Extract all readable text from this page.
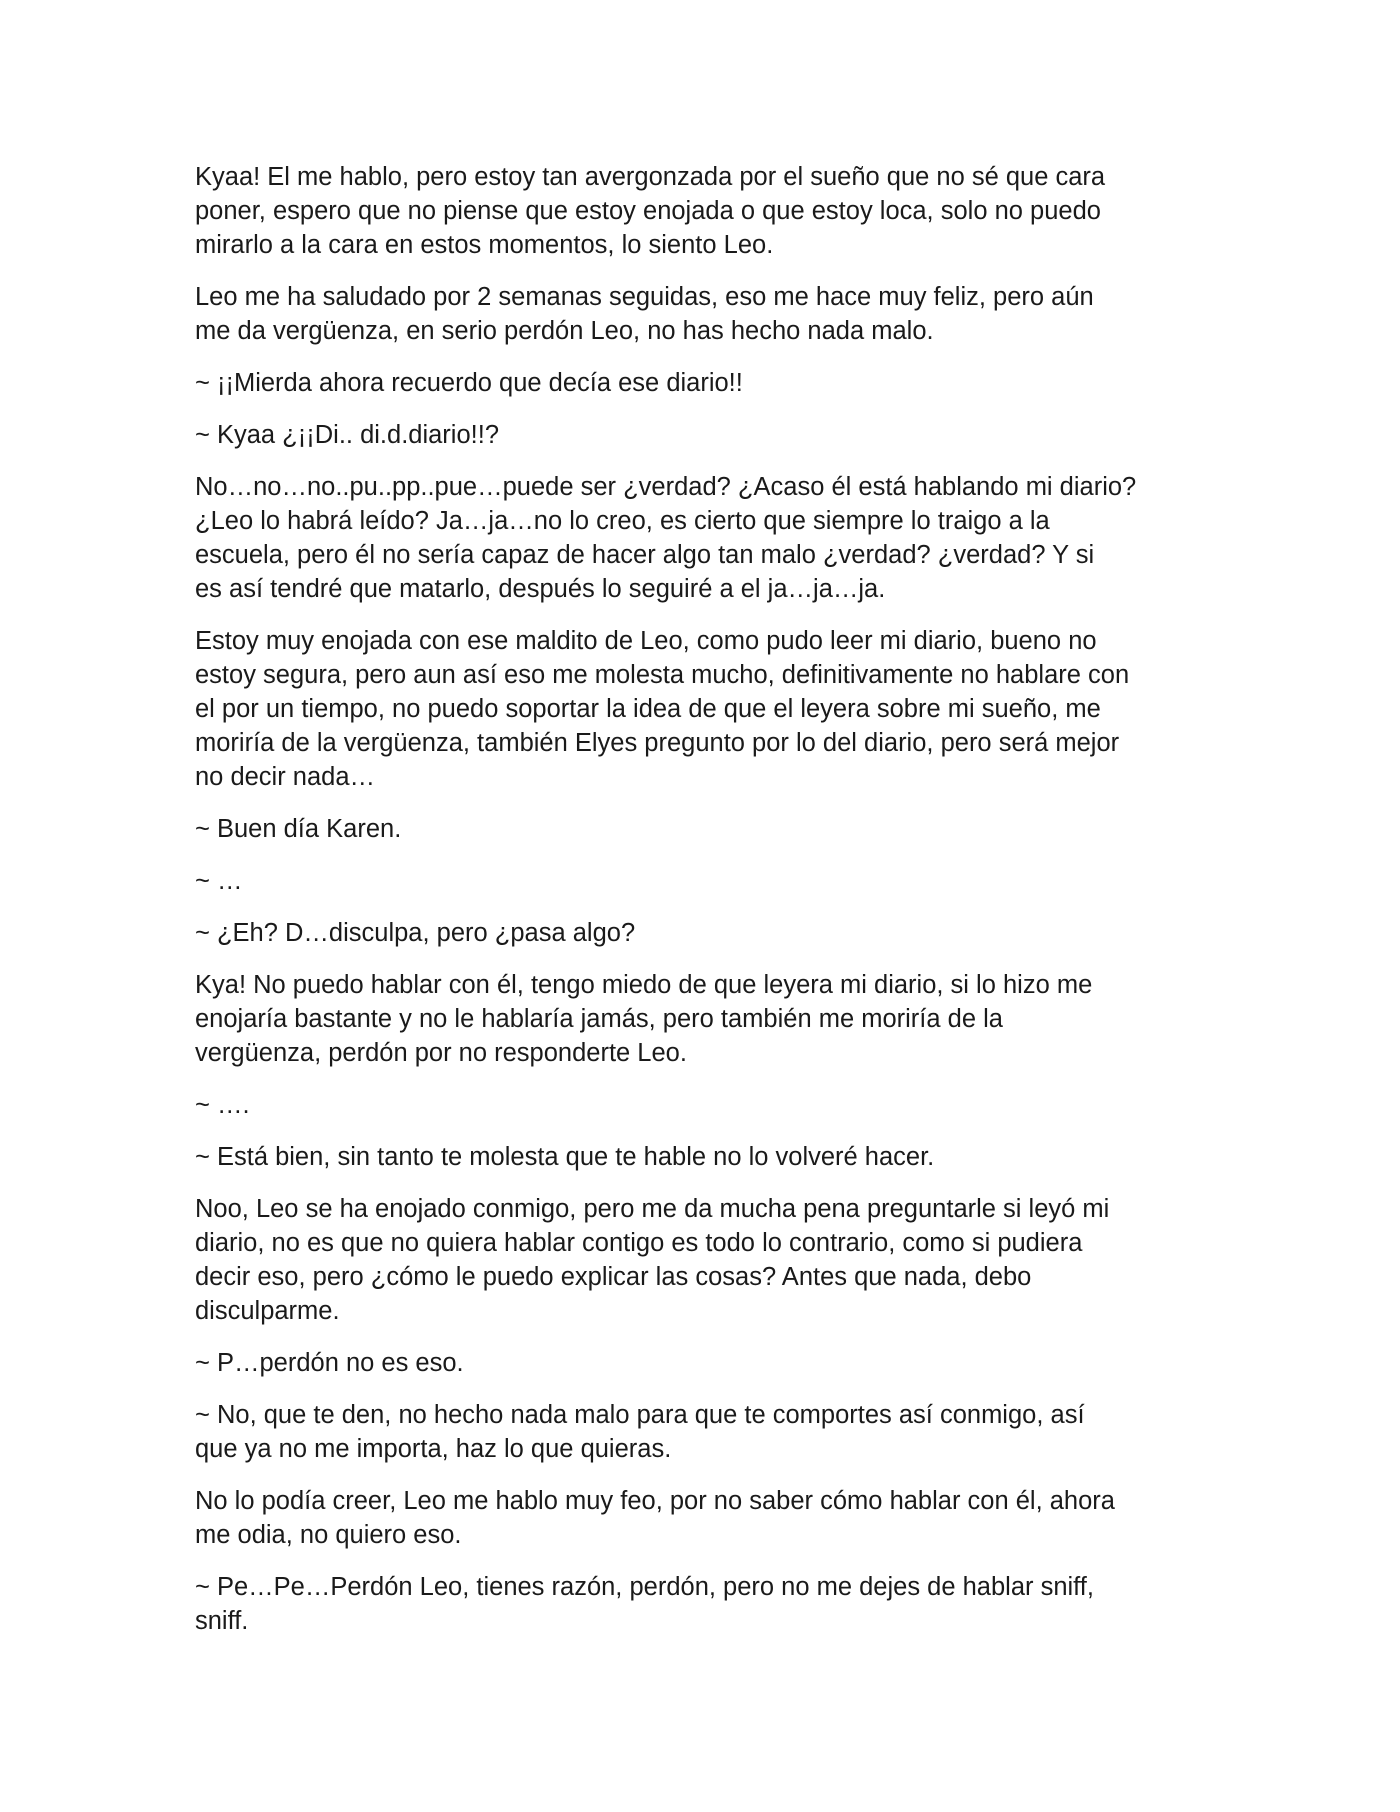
Kyaa! El me hablo, pero estoy tan avergonzada por el sueño que no sé que cara
poner, espero que no piense que estoy enojada o que estoy loca, solo no puedo
mirarlo a la cara en estos momentos, lo siento Leo.

Leo me ha saludado por 2 semanas seguidas, eso me hace muy feliz, pero aún
me da vergüenza, en serio perdón Leo, no has hecho nada malo.

~ ¡¡Mierda ahora recuerdo que decía ese diario!!

~ Kyaa ¿¡¡Di.. di.d.diario!!?

No…no…no..pu..pp..pue…puede ser ¿verdad? ¿Acaso él está hablando mi diario?
¿Leo lo habrá leído? Ja…ja…no lo creo, es cierto que siempre lo traigo a la
escuela, pero él no sería capaz de hacer algo tan malo ¿verdad? ¿verdad? Y si
es así tendré que matarlo, después lo seguiré a el ja…ja…ja.

Estoy muy enojada con ese maldito de Leo, como pudo leer mi diario, bueno no
estoy segura, pero aun así eso me molesta mucho, definitivamente no hablare con
el por un tiempo, no puedo soportar la idea de que el leyera sobre mi sueño, me
moriría de la vergüenza, también Elyes pregunto por lo del diario, pero será mejor
no decir nada…

~ Buen día Karen.

~ …

~ ¿Eh? D…disculpa, pero ¿pasa algo?

Kya! No puedo hablar con él, tengo miedo de que leyera mi diario, si lo hizo me
enojaría bastante y no le hablaría jamás, pero también me moriría de la
vergüenza, perdón por no responderte Leo.

~ ….

~ Está bien, sin tanto te molesta que te hable no lo volveré hacer.

Noo, Leo se ha enojado conmigo, pero me da mucha pena preguntarle si leyó mi
diario, no es que no quiera hablar contigo es todo lo contrario, como si pudiera
decir eso, pero ¿cómo le puedo explicar las cosas? Antes que nada, debo
disculparme.

~ P…perdón no es eso.

~ No, que te den, no hecho nada malo para que te comportes así conmigo, así
que ya no me importa, haz lo que quieras.

No lo podía creer, Leo me hablo muy feo, por no saber cómo hablar con él, ahora
me odia, no quiero eso.

~ Pe…Pe…Perdón Leo, tienes razón, perdón, pero no me dejes de hablar sniff,
sniff.
